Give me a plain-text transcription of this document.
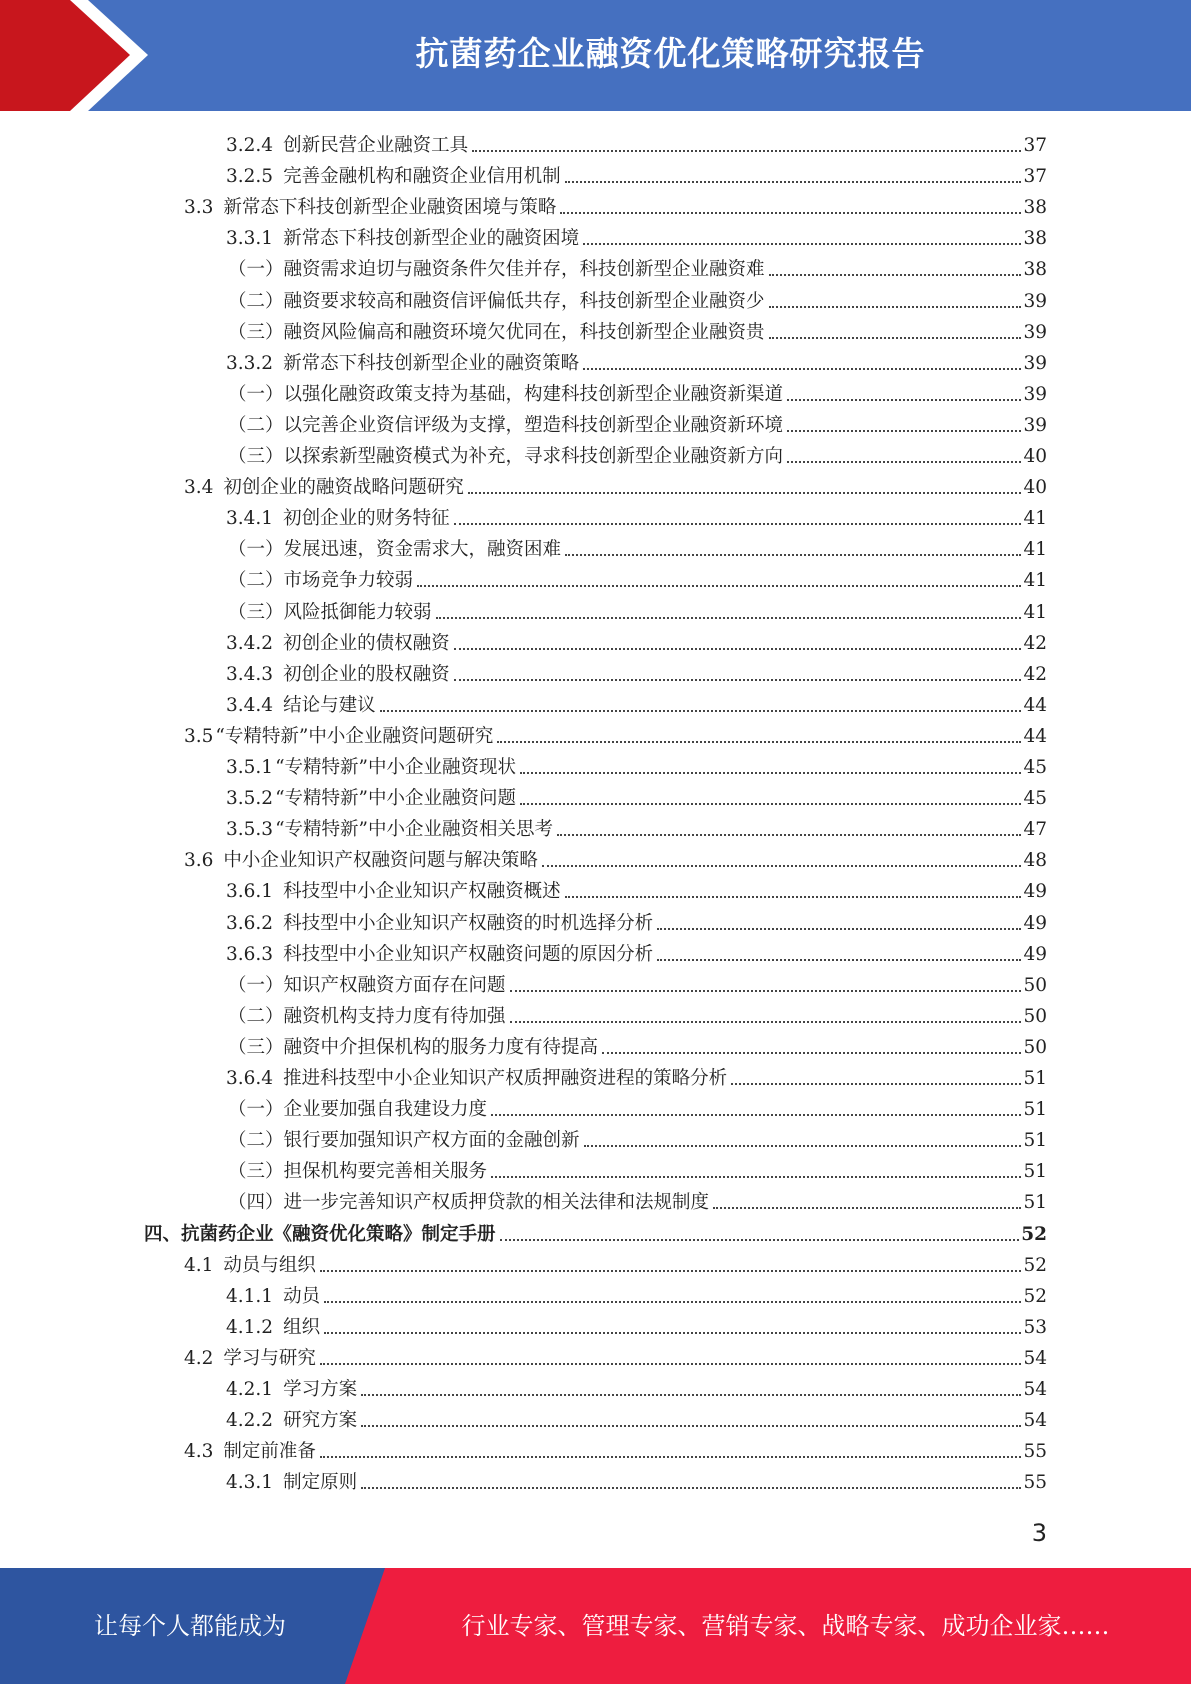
抗菌药企业融资优化策略研究报告
3.2.4 创新民营企业融资工具	37
3.2.5 完善金融机构和融资企业信用机制	37
3.3 新常态下科技创新型企业融资困境与策略	38
3.3.1 新常态下科技创新型企业的融资困境	38
（一）融资需求迫切与融资条件欠佳并存，科技创新型企业融资难	38
（二）融资要求较高和融资信评偏低共存，科技创新型企业融资少	39
（三）融资风险偏高和融资环境欠优同在，科技创新型企业融资贵	39
3.3.2 新常态下科技创新型企业的融资策略	39
（一）以强化融资政策支持为基础，构建科技创新型企业融资新渠道	39
（二）以完善企业资信评级为支撑，塑造科技创新型企业融资新环境	39
（三）以探索新型融资模式为补充，寻求科技创新型企业融资新方向	40
3.4 初创企业的融资战略问题研究	40
3.4.1 初创企业的财务特征	41
（一）发展迅速，资金需求大，融资困难	41
（二）市场竞争力较弱	41
（三）风险抵御能力较弱	41
3.4.2 初创企业的债权融资	42
3.4.3 初创企业的股权融资	42
3.4.4 结论与建议	44
3.5 “专精特新”中小企业融资问题研究	44
3.5.1 “专精特新”中小企业融资现状	45
3.5.2 “专精特新”中小企业融资问题	45
3.5.3 “专精特新”中小企业融资相关思考	47
3.6 中小企业知识产权融资问题与解决策略	48
3.6.1 科技型中小企业知识产权融资概述	49
3.6.2 科技型中小企业知识产权融资的时机选择分析	49
3.6.3 科技型中小企业知识产权融资问题的原因分析	49
（一）知识产权融资方面存在问题	50
（二）融资机构支持力度有待加强	50
（三）融资中介担保机构的服务力度有待提高	50
3.6.4 推进科技型中小企业知识产权质押融资进程的策略分析	51
（一）企业要加强自我建设力度	51
（二）银行要加强知识产权方面的金融创新	51
（三）担保机构要完善相关服务	51
（四）进一步完善知识产权质押贷款的相关法律和法规制度	51
四、抗菌药企业《融资优化策略》制定手册	52
4.1 动员与组织	52
4.1.1 动员	52
4.1.2 组织	53
4.2 学习与研究	54
4.2.1 学习方案	54
4.2.2 研究方案	54
4.3 制定前准备	55
4.3.1 制定原则	55
3
让每个人都能成为	行业专家、管理专家、营销专家、战略专家、成功企业家……
